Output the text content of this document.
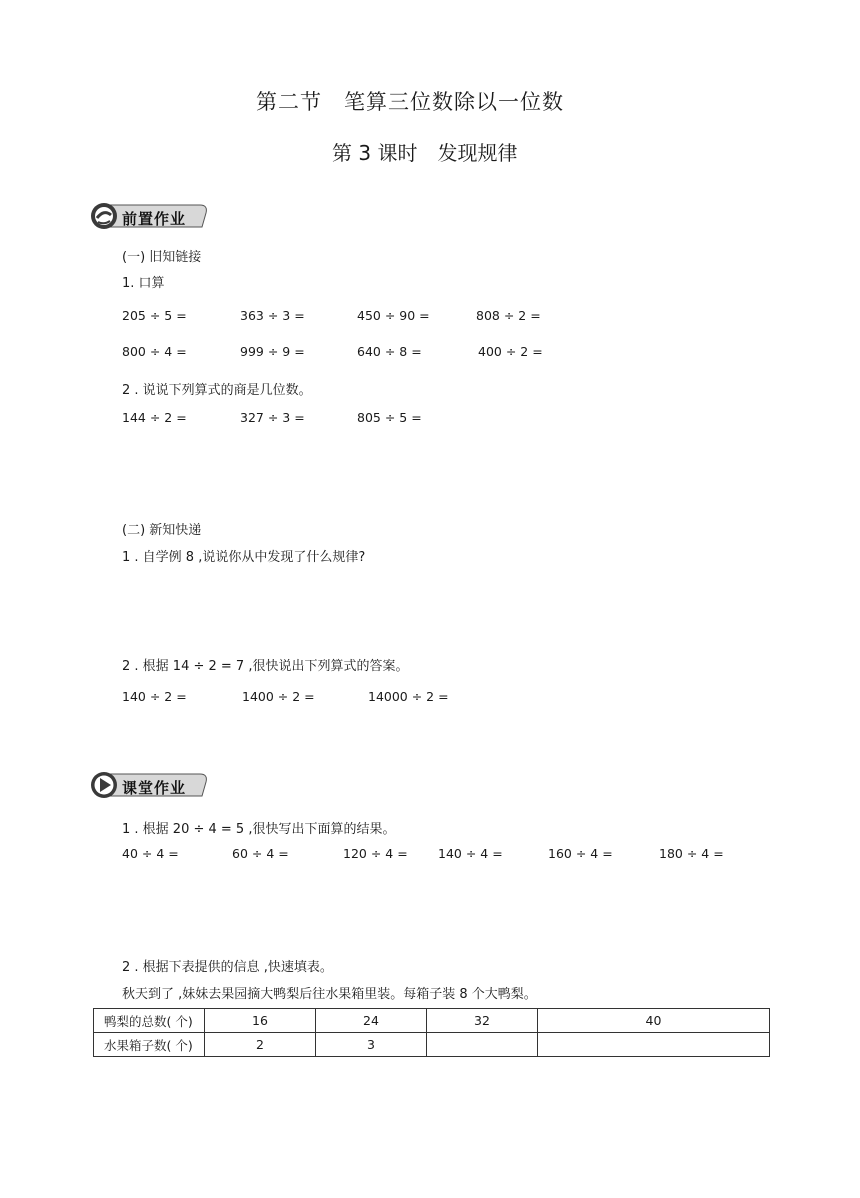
第二节　笔算三位数除以一位数
第 3 课时　发现规律
前置作业
(一) 旧知链接
1. 口算
205 ÷ 5 =	363 ÷ 3 =	450 ÷ 90 =	808 ÷ 2 =
800 ÷ 4 =	999 ÷ 9 =	640 ÷ 8 =	400 ÷ 2 =
2 . 说说下列算式的商是几位数。
144 ÷ 2 =	327 ÷ 3 =	805 ÷ 5 =
(二) 新知快递
1 . 自学例 8 ,说说你从中发现了什么规律?
2 . 根据 14 ÷ 2 = 7 ,很快说出下列算式的答案。
140 ÷ 2 =	1400 ÷ 2 =	14000 ÷ 2 =
课堂作业
1 . 根据 20 ÷ 4 = 5 ,很快写出下面算的结果。
40 ÷ 4 =	60 ÷ 4 =	120 ÷ 4 = 140 ÷ 4 =	160 ÷ 4 =	180 ÷ 4 =
2 . 根据下表提供的信息 ,快速填表。
秋天到了 ,妹妹去果园摘大鸭梨后往水果箱里装。每箱子装 8 个大鸭梨。
鸭梨的总数( 个)	16	24	32	40
水果箱子数( 个)	2	3		
